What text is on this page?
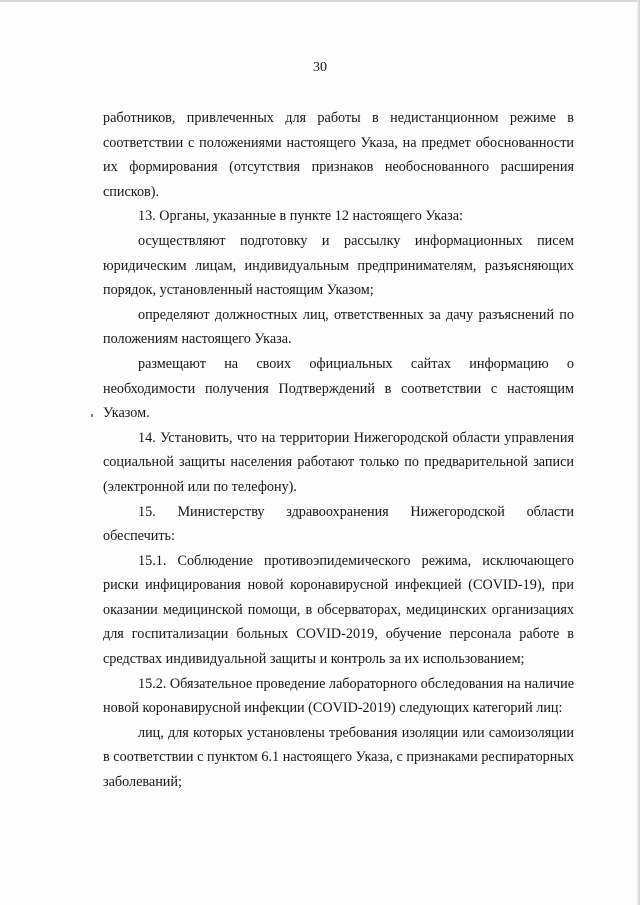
30

работников, привлеченных для работы в недистанционном режиме в соответствии с положениями настоящего Указа, на предмет обоснованности их формирования (отсутствия признаков необоснованного расширения списков).

13. Органы, указанные в пункте 12 настоящего Указа:

осуществляют подготовку и рассылку информационных писем юридическим лицам, индивидуальным предпринимателям, разъясняющих порядок, установленный настоящим Указом;

определяют должностных лиц, ответственных за дачу разъяснений по положениям настоящего Указа.

размещают на своих официальных сайтах информацию о необходимости получения Подтверждений в соответствии с настоящим Указом.

14. Установить, что на территории Нижегородской области управления социальной защиты населения работают только по предварительной записи (электронной или по телефону).

15. Министерству здравоохранения Нижегородской области обеспечить:

15.1. Соблюдение противоэпидемического режима, исключающего риски инфицирования новой коронавирусной инфекцией (COVID-19), при оказании медицинской помощи, в обсерваторах, медицинских организациях для госпитализации больных COVID-2019, обучение персонала работе в средствах индивидуальной защиты и контроль за их использованием;

15.2. Обязательное проведение лабораторного обследования на наличие новой коронавирусной инфекции (COVID-2019) следующих категорий лиц:

лиц, для которых установлены требования изоляции или самоизоляции в соответствии с пунктом 6.1 настоящего Указа, с признаками респираторных заболеваний;
